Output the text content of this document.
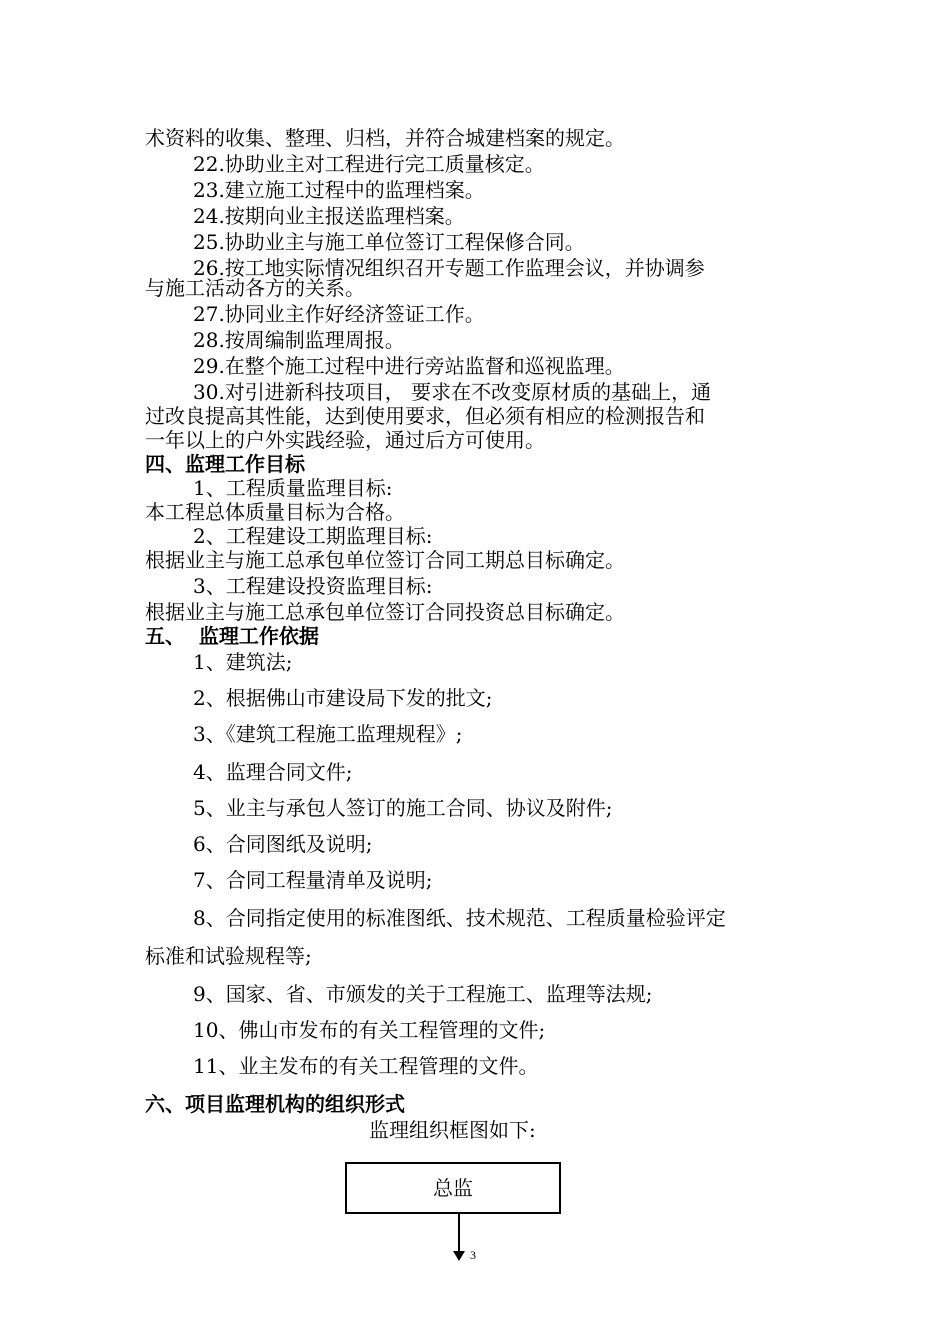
术资料的收集、整理、归档，并符合城建档案的规定。
22.协助业主对工程进行完工质量核定。
23.建立施工过程中的监理档案。
24.按期向业主报送监理档案。
25.协助业主与施工单位签订工程保修合同。
26.按工地实际情况组织召开专题工作监理会议，并协调参
与施工活动各方的关系。
27.协同业主作好经济签证工作。
28.按周编制监理周报。
29.在整个施工过程中进行旁站监督和巡视监理。
30.对引进新科技项目， 要求在不改变原材质的基础上，通
过改良提高其性能，达到使用要求，但必须有相应的检测报告和
一年以上的户外实践经验，通过后方可使用。
四、监理工作目标
1、工程质量监理目标:
本工程总体质量目标为合格。
2、工程建设工期监理目标:
根据业主与施工总承包单位签订合同工期总目标确定。
3、工程建设投资监理目标:
根据业主与施工总承包单位签订合同投资总目标确定。
五、  监理工作依据
1、建筑法;
2、根据佛山市建设局下发的批文;
3、《建筑工程施工监理规程》;
4、监理合同文件;
5、业主与承包人签订的施工合同、协议及附件;
6、合同图纸及说明;
7、合同工程量清单及说明;
8、合同指定使用的标准图纸、技术规范、工程质量检验评定
标准和试验规程等;
9、国家、省、市颁发的关于工程施工、监理等法规;
10、佛山市发布的有关工程管理的文件;
11、业主发布的有关工程管理的文件。
六、项目监理机构的组织形式
监理组织框图如下:
总监
3
